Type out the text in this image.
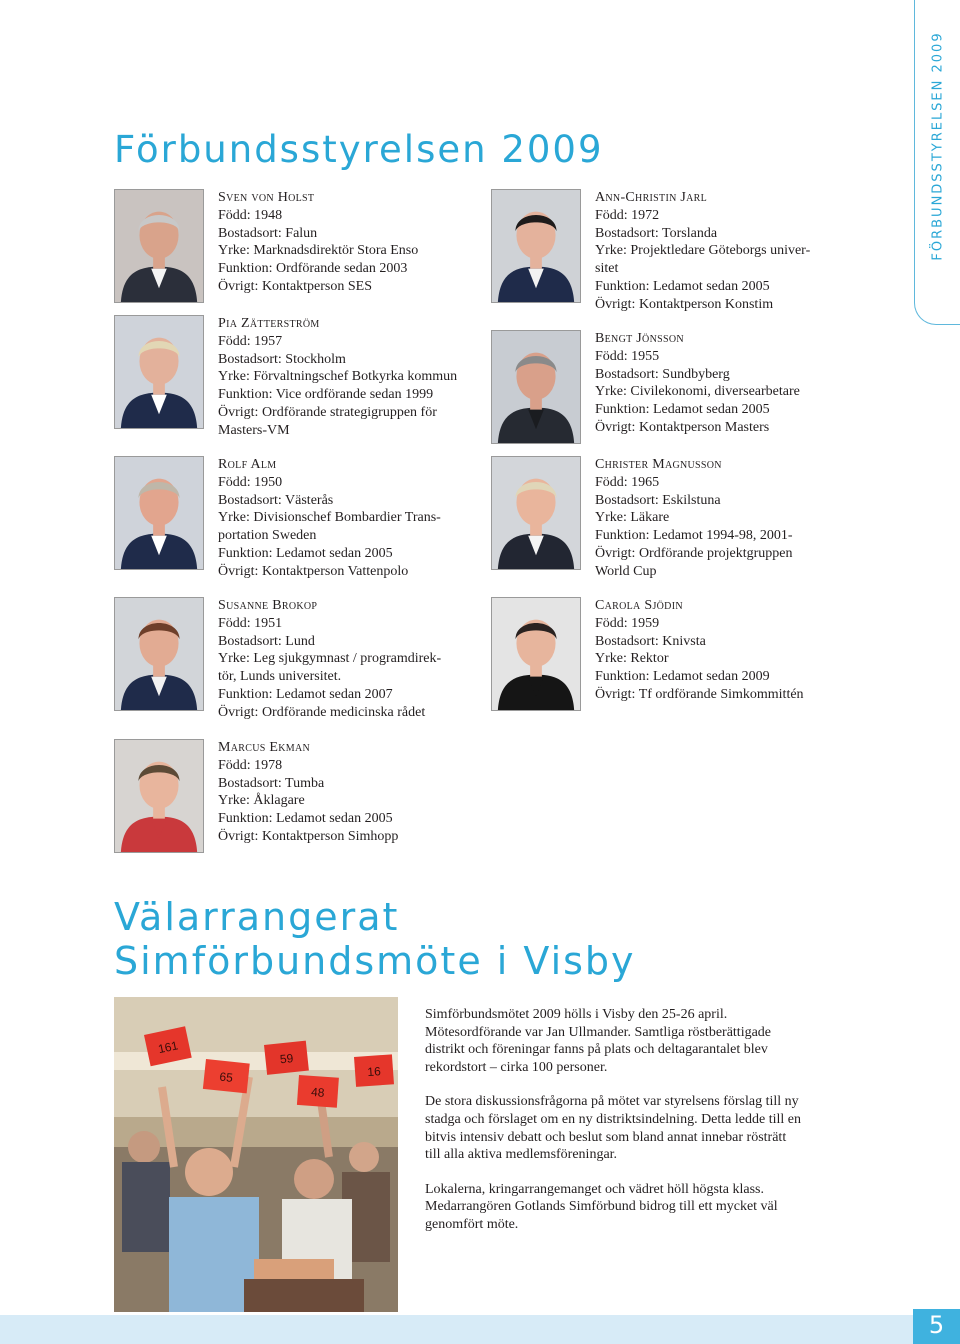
Förbundsstyrelsen 2009	FÖRBUNDSSTYRELSEN 2009
Sven von Holst
Född: 1948
Bostadsort: Falun
Yrke: Marknadsdirektör Stora Enso
Funktion: Ordförande sedan 2003
Övrigt: Kontaktperson SES
Pia Zätterström
Född: 1957
Bostadsort: Stockholm
Yrke: Förvaltningschef Botkyrka kommun
Funktion: Vice ordförande sedan 1999
Övrigt: Ordförande strategigruppen för
Masters-VM
Rolf Alm
Född: 1950
Bostadsort: Västerås
Yrke: Divisionschef Bombardier Trans-
portation Sweden
Funktion: Ledamot sedan 2005
Övrigt: Kontaktperson Vattenpolo
Susanne Brokop
Född: 1951
Bostadsort: Lund
Yrke: Leg sjukgymnast / programdirek-
tör, Lunds universitet.
Funktion: Ledamot sedan 2007
Övrigt: Ordförande medicinska rådet
Marcus Ekman
Född: 1978
Bostadsort: Tumba
Yrke: Åklagare
Funktion: Ledamot sedan 2005
Övrigt: Kontaktperson Simhopp
Ann-Christin Jarl
Född: 1972
Bostadsort: Torslanda
Yrke: Projektledare Göteborgs univer-
sitet
Funktion: Ledamot sedan 2005
Övrigt: Kontaktperson Konstim
Bengt Jönsson
Född: 1955
Bostadsort: Sundbyberg
Yrke: Civilekonomi, diversearbetare
Funktion: Ledamot sedan 2005
Övrigt: Kontaktperson Masters
Christer Magnusson
Född: 1965
Bostadsort: Eskilstuna
Yrke: Läkare
Funktion: Ledamot 1994-98, 2001-
Övrigt: Ordförande projektgruppen
World Cup
Carola Sjödin
Född: 1959
Bostadsort: Knivsta
Yrke: Rektor
Funktion: Ledamot sedan 2009
Övrigt: Tf ordförande Simkommittén
Välarrangerat
Simförbundsmöte i Visby
161
65
59
48
16

Simförbundsmötet 2009 hölls i Visby den 25-26 april. Mötesordförande var Jan Ullmander. Samtliga röstberättigade distrikt och föreningar fanns på plats och deltagarantalet blev rekordstort – cirka 100 personer.

De stora diskussionsfrågorna på mötet var styrelsens förslag till ny stadga och förslaget om en ny distriktsindelning. Detta ledde till en bitvis intensiv debatt och beslut som bland annat innebar rösträtt till alla aktiva medlemsföreningar.

Lokalerna, kringarrangemanget och vädret höll högsta klass. Medarrangören Gotlands Simförbund bidrog till ett mycket väl genomfört möte.

5
